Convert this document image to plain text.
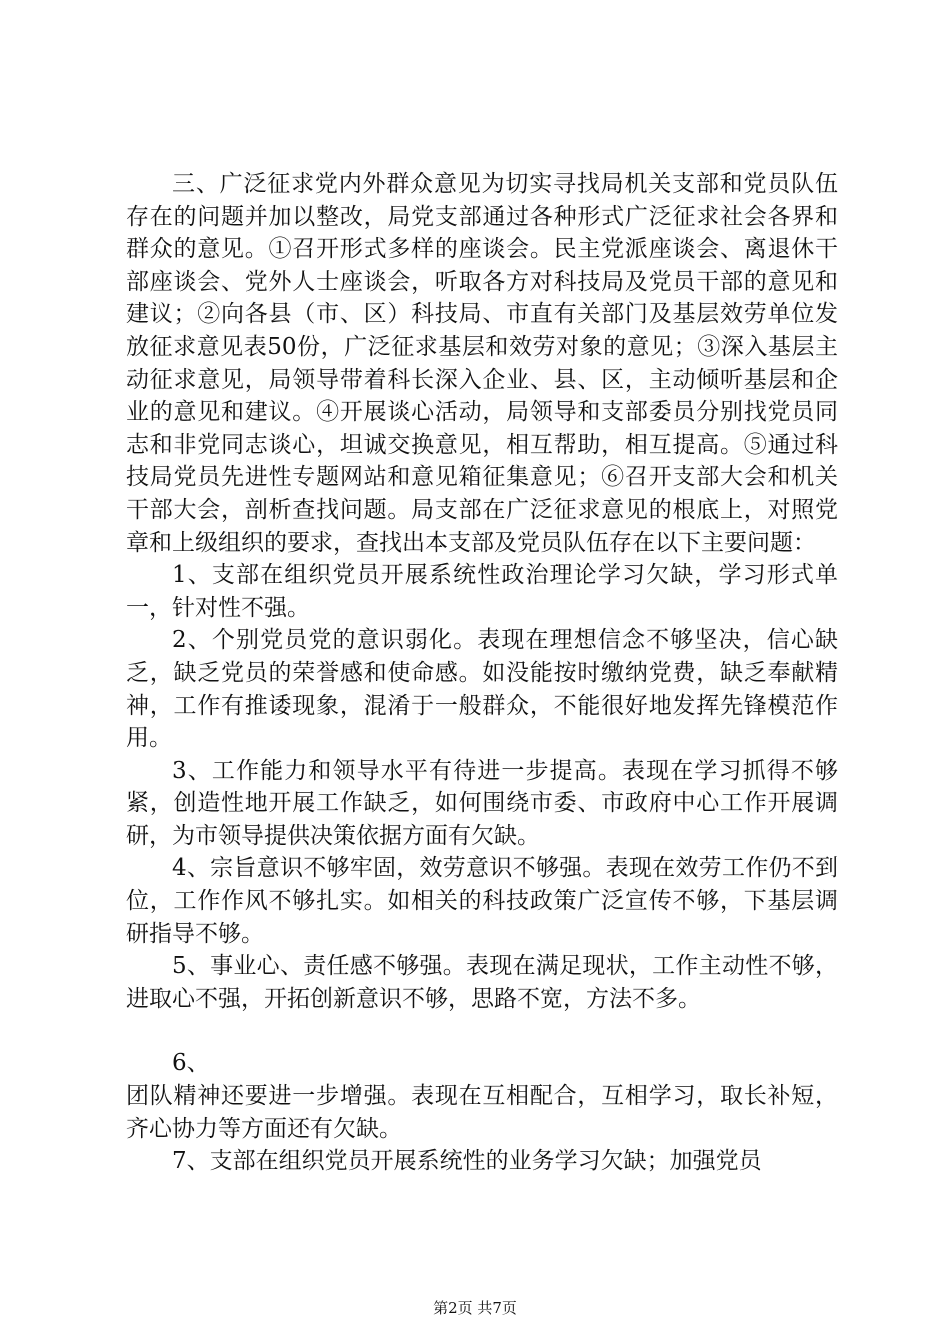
三、广泛征求党内外群众意见为切实寻找局机关支部和党员队伍存在的问题并加以整改，局党支部通过各种形式广泛征求社会各界和群众的意见。①召开形式多样的座谈会。民主党派座谈会、离退休干部座谈会、党外人士座谈会，听取各方对科技局及党员干部的意见和建议；②向各县（市、区）科技局、市直有关部门及基层效劳单位发放征求意见表50份，广泛征求基层和效劳对象的意见；③深入基层主动征求意见，局领导带着科长深入企业、县、区，主动倾听基层和企业的意见和建议。④开展谈心活动，局领导和支部委员分别找党员同志和非党同志谈心，坦诚交换意见，相互帮助，相互提高。⑤通过科技局党员先进性专题网站和意见箱征集意见；⑥召开支部大会和机关干部大会，剖析查找问题。局支部在广泛征求意见的根底上，对照党章和上级组织的要求，查找出本支部及党员队伍存在以下主要问题：

1、支部在组织党员开展系统性政治理论学习欠缺，学习形式单一，针对性不强。

2、个别党员党的意识弱化。表现在理想信念不够坚决，信心缺乏，缺乏党员的荣誉感和使命感。如没能按时缴纳党费，缺乏奉献精神，工作有推诿现象，混淆于一般群众，不能很好地发挥先锋模范作用。

3、工作能力和领导水平有待进一步提高。表现在学习抓得不够紧，创造性地开展工作缺乏，如何围绕市委、市政府中心工作开展调研，为市领导提供决策依据方面有欠缺。

4、宗旨意识不够牢固，效劳意识不够强。表现在效劳工作仍不到位，工作作风不够扎实。如相关的科技政策广泛宣传不够，下基层调研指导不够。

5、事业心、责任感不够强。表现在满足现状，工作主动性不够，进取心不强，开拓创新意识不够，思路不宽，方法不多。

6、

团队精神还要进一步增强。表现在互相配合，互相学习，取长补短，齐心协力等方面还有欠缺。

7、支部在组织党员开展系统性的业务学习欠缺；加强党员

第2页 共7页
